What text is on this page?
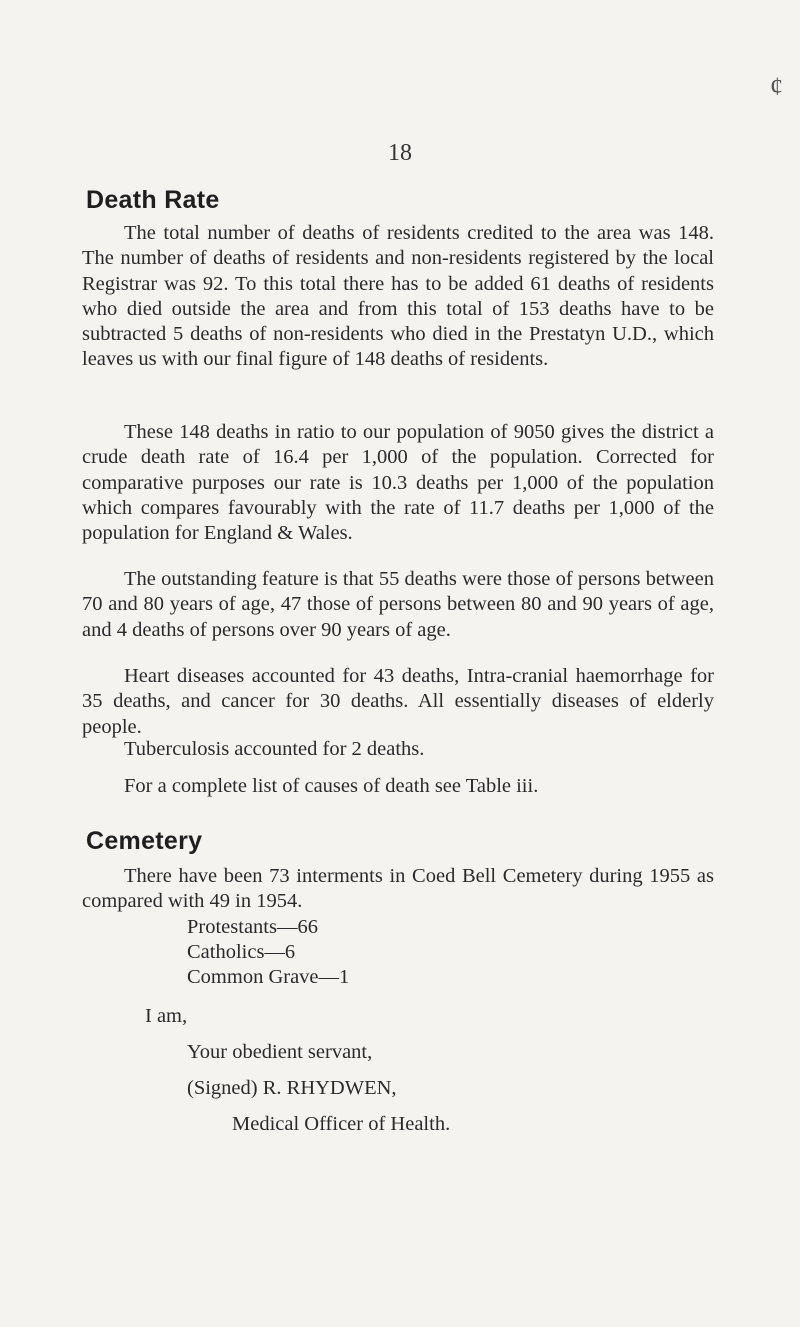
18
¢
Death Rate

The total number of deaths of residents credited to the area was 148. The number of deaths of residents and non-residents registered by the local Registrar was 92. To this total there has to be added 61 deaths of residents who died outside the area and from this total of 153 deaths have to be subtracted 5 deaths of non-residents who died in the Prestatyn U.D., which leaves us with our final figure of 148 deaths of residents.

These 148 deaths in ratio to our population of 9050 gives the district a crude death rate of 16.4 per 1,000 of the population. Corrected for comparative purposes our rate is 10.3 deaths per 1,000 of the population which compares favourably with the rate of 11.7 deaths per 1,000 of the population for England & Wales.

The outstanding feature is that 55 deaths were those of persons between 70 and 80 years of age, 47 those of persons between 80 and 90 years of age, and 4 deaths of persons over 90 years of age.

Heart diseases accounted for 43 deaths, Intra-cranial haemorrhage for 35 deaths, and cancer for 30 deaths. All essentially diseases of elderly people.

Tuberculosis accounted for 2 deaths.

For a complete list of causes of death see Table iii.

Cemetery

There have been 73 interments in Coed Bell Cemetery during 1955 as compared with 49 in 1954.

Protestants—66
Catholics—6
Common Grave—1
I am,
Your obedient servant,
(Signed) R. RHYDWEN,
Medical Officer of Health.
